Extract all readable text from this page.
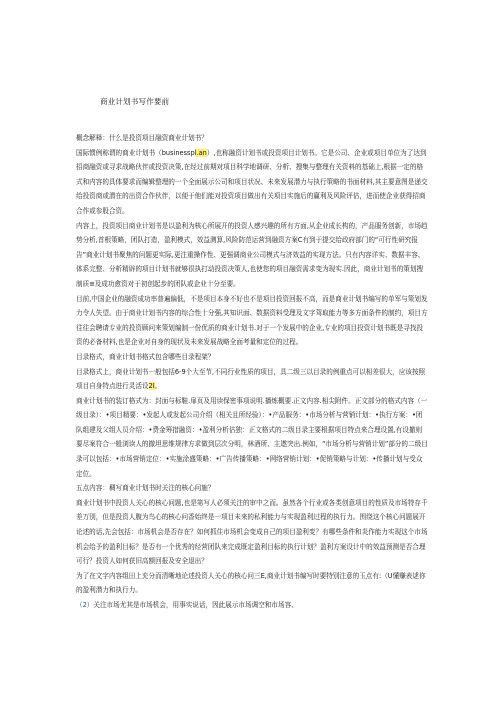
商业计划书写作要前

概念解释：什么是投资项目融资商业计划书？

国际惯例称谓的商业计划书（businesspl.an）,也称融资计划书或投资项目计划书。它是公司、企业或项目单位为了达到招商融资或寻求战略伙伴或投资决策,在经过前期对项目科学地调研、分析、搜集与整理有关资料的基础上,根据一定的格式和内容的具体要求而编辑整理的一个全面展示公司和项目状况、未来发展潜力与执行策略的书面材料,其主要意图是递交给投资商或潜在的出资合作伙伴，以便于他们能对投资项目做出有关项目实施后的赢利及风险评估，进而使企业获得招商合作或参股合资。

内容上，投资项目商业计划书是以盈利为核心所展开的投资人感兴趣的所有方面,从企业成长构的，产品服务创新，市场趋势分析,首根策略，团队打造，盈利模式，效益测算,风险防范运营到融资方案C有到于提交给政府部门的“可行性研究报告”商业计划书聚焦的问题更实际,更注重操作性、更强调商业公司模式与济效益的实现方法。只有内容详实、数据丰容、体系完整、分析精辟的项目计划书就够很执打动投资决策人,也使您的项目融资需求变为现实.因此，商业计划书的策划搜制质≡及成功愈资对于初创起步的团队或企业十分至要。

目前,中国企业的融资成功率普遍偏低，不是项目本身不好也不是项目投资回报不高，而是商业计划书编写的单军与策划发力令人失望。由于商业计划书内容的综合性十分强,其知识面、数据资料受理及文字驾取能力等多方面条件的制约，项目方往往会聘请专业的投资顾问来策划编制一份优质的商业计划书.对于一个发展中的企业,专业的项目投资计划书既是寻找投资的必备材料,也是企业对自身的现状及未来发展战略全面考量和定位的过程。

目录格式，商业计划书格式包含哪些目录程架？

目录格式上，商业计划书一般包括6-9个大至节,不同行业性质的项目，具二级三以目录的例重点可以相差很大，应该按照项目自身特点进行灵活设2I。

商业计划书的装订格式为：封面与标鞋.扉页及用读保密事项说明.播炼概要.正文内容.相尖附件。正文部分的格式内容（一级目录）：•项目精要：•发起人或发起公司介绍（相关且所经验）：•产品服务：•市场分析与营销计划：•执行方案：•团队组建及父组人员介绍：•费金筹措融资：•盈利分析估独：正文格式的二级目录主要根据项目特点来合理设置,有设撤则要尽案符合一般浏读人的撤坦思维规律方求做到层次分明，林酒所、主遨突出.例如，“市场分析与营销计划”部分的二级目录可以包括：•市场营销定位：•实施涂盛策略：•广告传播策略：•网络营销计划：•促销策略与计划：•传播计划与受众定位。

五点内容：稠写商业计划书时关注的核心问施？

商业计划书中投资人关心的核心问题,也是第写人必须关注的审中之而。虽然各个行业或各类创意项目的性质及市场特存千差万别，但是投资人腹为鸟心的核心问香始终是一项目未来的私利能力与实现盈利过程的执行力。围绕这个核心问题展开论述的话,先会包括：市场机会是否存在？如何抓住市场机会变成自己的项目盈利变？有哪些条件和炎作能力实现这个市场机会给予的盈利目标？是否有一个优秀的经营团队来完成既定盈利目标的执行计划？盈利方案设计中的效益预测是否合理可行？投资人如何获旧高额回报及安全退出？

为了在文字内容组田上充分而清晰地论述投资人关心的核心问三E,商业计划书编写时要特别注意的玉点有:（U懂赚表逑你的盈利潜力和执行力。

（2）关注市场尤其是市场机会，用事实说话，因此展示市场调空和市场容、
